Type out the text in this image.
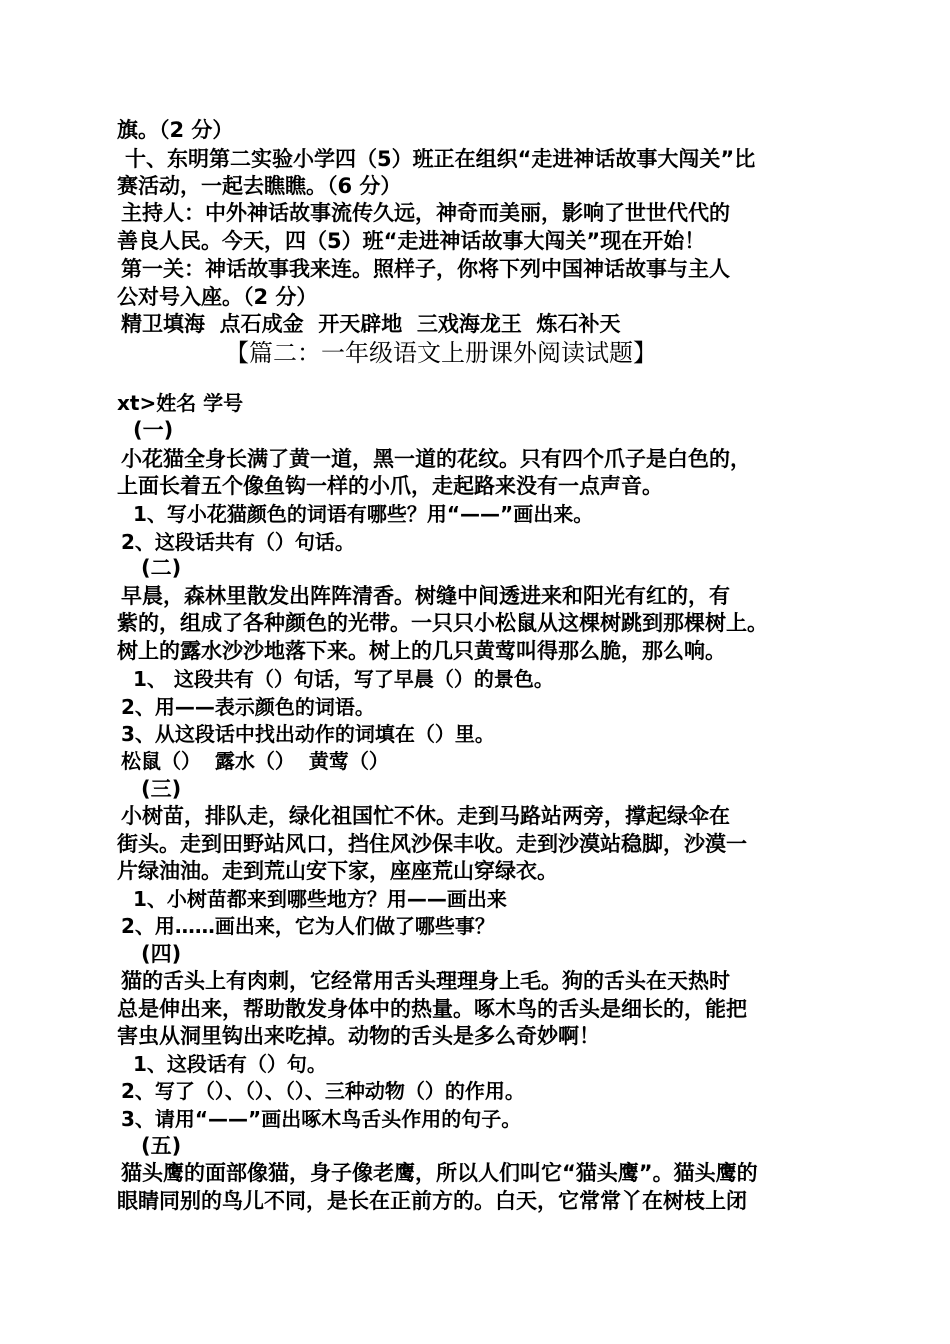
旗。（2 分）
十、东明第二实验小学四（5）班正在组织“走进神话故事大闯关”比
赛活动，一起去瞧瞧。（6 分）
主持人：中外神话故事流传久远，神奇而美丽，影响了世世代代的
善良人民。今天，四（5）班“走进神话故事大闯关”现在开始！
第一关：神话故事我来连。照样子，你将下列中国神话故事与主人
公对号入座。（2 分）
精卫填海  点石成金  开天辟地  三戏海龙王  炼石补天
【篇二：一年级语文上册课外阅读试题】
xt>姓名 学号
(一)
小花猫全身长满了黄一道，黑一道的花纹。只有四个爪子是白色的，
上面长着五个像鱼钩一样的小爪，走起路来没有一点声音。
1、写小花猫颜色的词语有哪些？用“——”画出来。
2、这段话共有（）句话。
(二)
早晨，森林里散发出阵阵清香。树缝中间透进来和阳光有红的，有
紫的，组成了各种颜色的光带。一只只小松鼠从这棵树跳到那棵树上。
树上的露水沙沙地落下来。树上的几只黄莺叫得那么脆，那么响。
1、 这段共有（）句话，写了早晨（）的景色。
2、用——表示颜色的词语。
3、从这段话中找出动作的词填在（）里。
松鼠（）  露水（）  黄莺（）
(三)
小树苗，排队走，绿化祖国忙不休。走到马路站两旁，撑起绿伞在
街头。走到田野站风口，挡住风沙保丰收。走到沙漠站稳脚，沙漠一
片绿油油。走到荒山安下家，座座荒山穿绿衣。
1、小树苗都来到哪些地方？用——画出来
2、用……画出来，它为人们做了哪些事？
(四)
猫的舌头上有肉刺，它经常用舌头理理身上毛。狗的舌头在天热时
总是伸出来，帮助散发身体中的热量。啄木鸟的舌头是细长的，能把
害虫从洞里钩出来吃掉。动物的舌头是多么奇妙啊！
1、这段话有（）句。
2、写了（）、（）、（）、三种动物（）的作用。
3、请用“——”画出啄木鸟舌头作用的句子。
(五)
猫头鹰的面部像猫，身子像老鹰，所以人们叫它“猫头鹰”。猫头鹰的
眼睛同别的鸟儿不同，是长在正前方的。白天，它常常丫在树枝上闭
